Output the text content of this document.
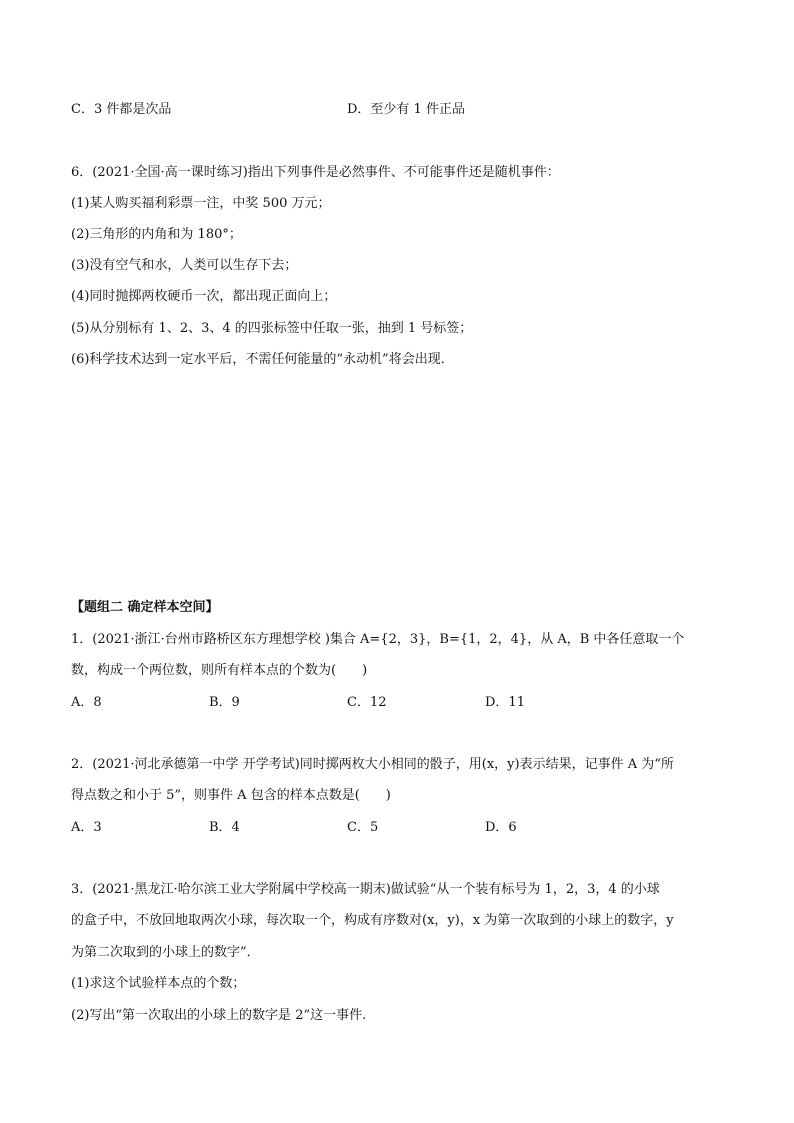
C．3 件都是次品	D．至少有 1 件正品
6．(2021·全国·高一课时练习)指出下列事件是必然事件、不可能事件还是随机事件：
(1)某人购买福利彩票一注，中奖 500 万元；
(2)三角形的内角和为 180°；
(3)没有空气和水，人类可以生存下去；
(4)同时抛掷两枚硬币一次，都出现正面向上；
(5)从分别标有 1、2、3、4 的四张标签中任取一张，抽到 1 号标签；
(6)科学技术达到一定水平后，不需任何能量的“永动机”将会出现．
【题组二 确定样本空间】
1．(2021·浙江·台州市路桥区东方理想学校 )集合 A={2，3}，B={1，2，4}，从 A，B 中各任意取一个
数，构成一个两位数，则所有样本点的个数为(　　)
A．8	B．9	C．12	D．11
2．(2021·河北承德第一中学 开学考试)同时掷两枚大小相同的骰子，用(x，y)表示结果，记事件 A 为“所
得点数之和小于 5”，则事件 A 包含的样本点数是(　　)
A．3	B．4	C．5	D．6
3．(2021·黑龙江·哈尔滨工业大学附属中学校高一期末)做试验“从一个装有标号为 1，2，3，4 的小球
的盒子中，不放回地取两次小球，每次取一个，构成有序数对(x，y)，x 为第一次取到的小球上的数字，y
为第二次取到的小球上的数字”．
(1)求这个试验样本点的个数；
(2)写出“第一次取出的小球上的数字是 2”这一事件.
